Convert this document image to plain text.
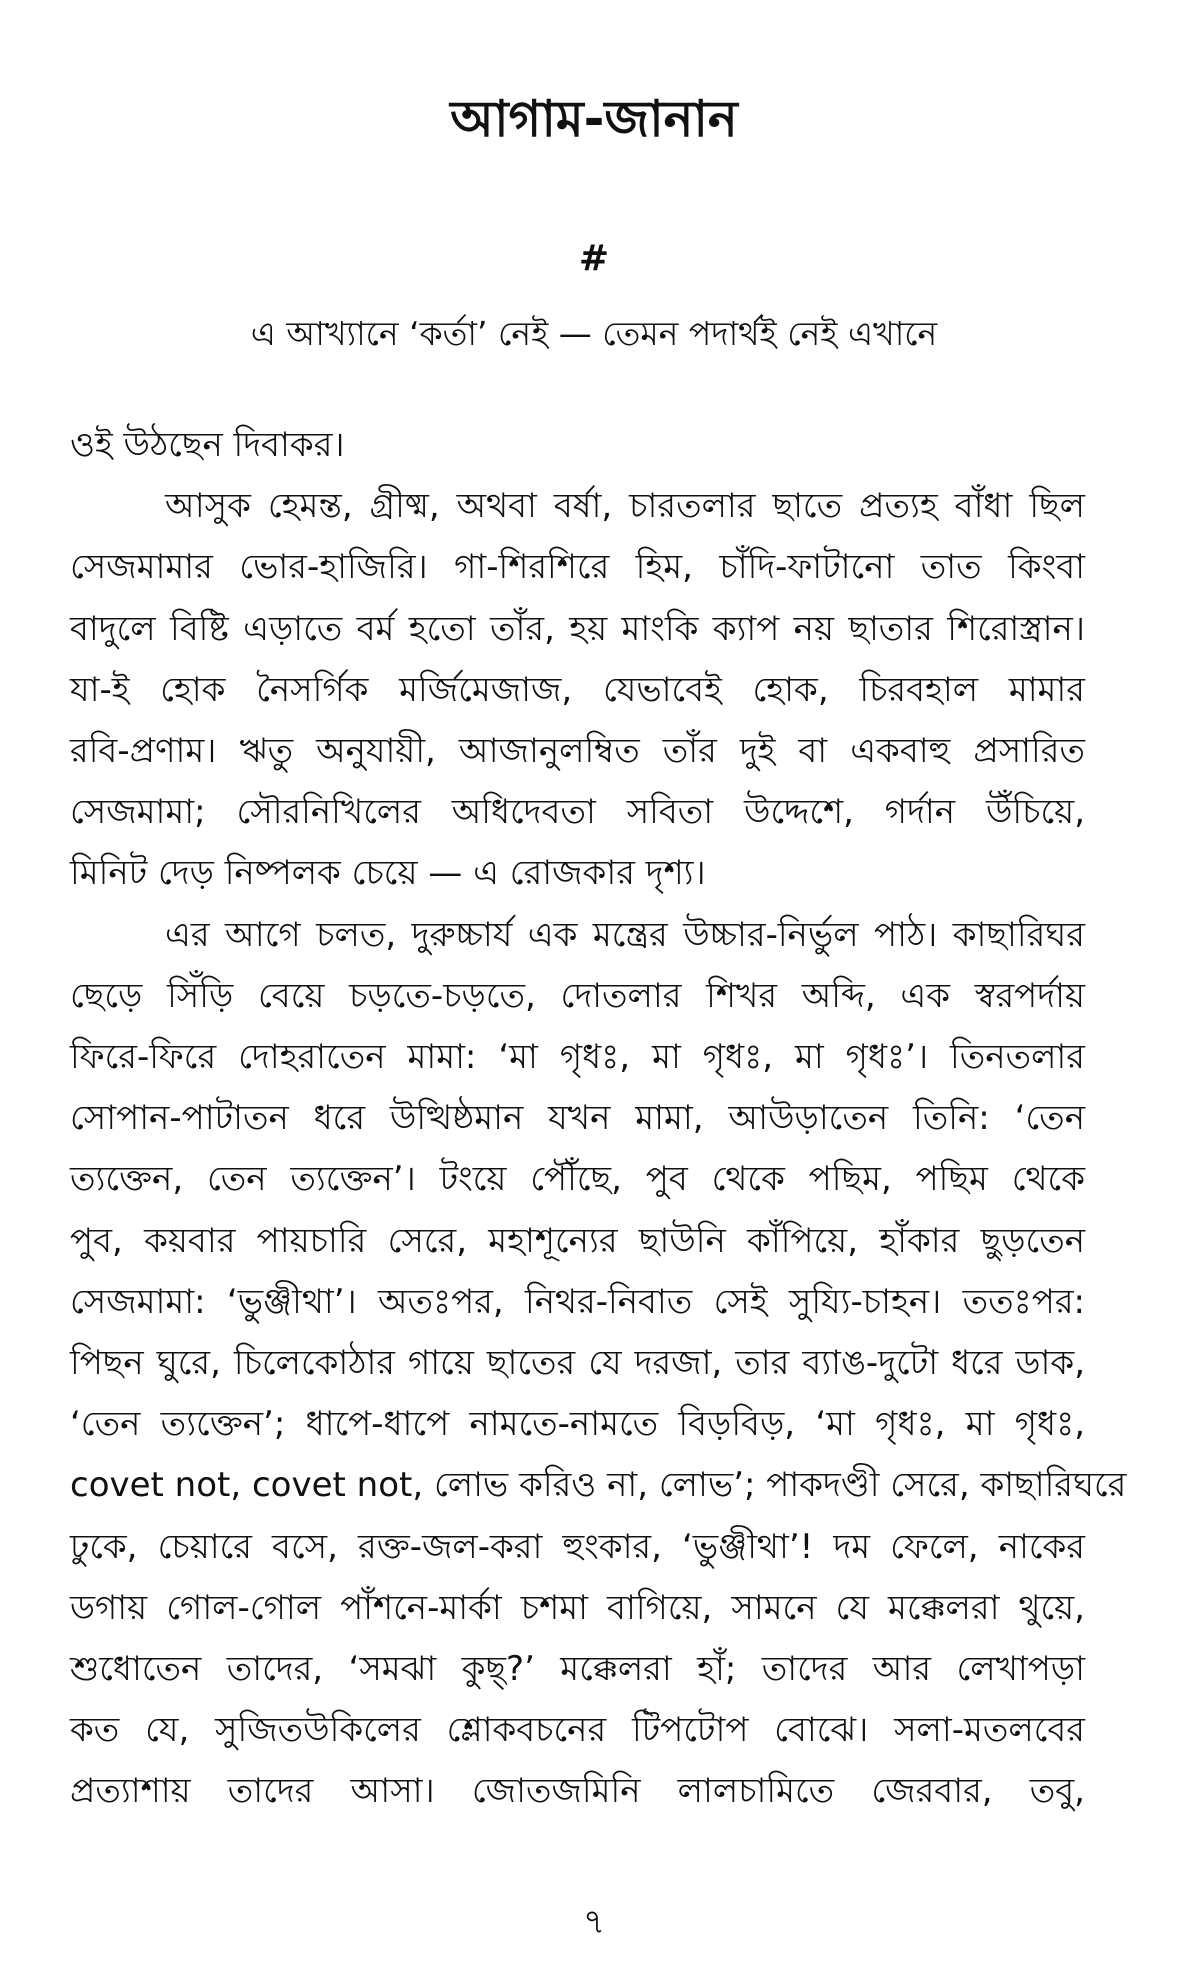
আগাম-জানান
#
এ আখ্যানে ‘কর্তা’ নেই — তেমন পদার্থই নেই এখানে
ওই উঠছেন দিবাকর।
আসুক হেমন্ত, গ্রীষ্ম, অথবা বর্ষা, চারতলার ছাতে প্রত্যহ বাঁধা ছিল
সেজমামার ভোর-হাজিরি। গা-শিরশিরে হিম, চাঁদি-ফাটানো তাত কিংবা
বাদুলে বিষ্টি এড়াতে বর্ম হতো তাঁর, হয় মাংকি ক্যাপ নয় ছাতার শিরোস্ত্রান।
যা-ই হোক নৈসর্গিক মর্জিমেজাজ, যেভাবেই হোক, চিরবহাল মামার
রবি-প্রণাম। ঋতু অনুযায়ী, আজানুলম্বিত তাঁর দুই বা একবাহু প্রসারিত
সেজমামা; সৌরনিখিলের অধিদেবতা সবিতা উদ্দেশে, গর্দান উঁচিয়ে,
মিনিট দেড় নিষ্পলক চেয়ে — এ রোজকার দৃশ্য।
এর আগে চলত, দুরুচ্চার্য এক মন্ত্রের উচ্চার-নির্ভুল পাঠ। কাছারিঘর
ছেড়ে সিঁড়ি বেয়ে চড়তে-চড়তে, দোতলার শিখর অব্দি, এক স্বরপর্দায়
ফিরে-ফিরে দোহরাতেন মামা: ‘মা গৃধঃ, মা গৃধঃ, মা গৃধঃ’। তিনতলার
সোপান-পাটাতন ধরে উত্থিষ্ঠমান যখন মামা, আউড়াতেন তিনি: ‘তেন
ত্যক্তেন, তেন ত্যক্তেন’। টংয়ে পৌঁছে, পুব থেকে পছিম, পছিম থেকে
পুব, কয়বার পায়চারি সেরে, মহাশূন্যের ছাউনি কাঁপিয়ে, হাঁকার ছুড়তেন
সেজমামা: ‘ভুঞ্জীথা’। অতঃপর, নিথর-নিবাত সেই সুয্যি-চাহন। ততঃপর:
পিছন ঘুরে, চিলেকোঠার গায়ে ছাতের যে দরজা, তার ব্যাঙ-দুটো ধরে ডাক,
‘তেন ত্যক্তেন’; ধাপে-ধাপে নামতে-নামতে বিড়বিড়, ‘মা গৃধঃ, মা গৃধঃ,
covet not, covet not, লোভ করিও না, লোভ’; পাকদণ্ডী সেরে, কাছারিঘরে
ঢুকে, চেয়ারে বসে, রক্ত-জল-করা হুংকার, ‘ভুঞ্জীথা’! দম ফেলে, নাকের
ডগায় গোল-গোল পাঁশনে-মার্কা চশমা বাগিয়ে, সামনে যে মক্কেলরা থুয়ে,
শুধোতেন তাদের, ‘সমঝা কুছ্?’ মক্কেলরা হাঁ; তাদের আর লেখাপড়া
কত যে, সুজিতউকিলের শ্লোকবচনের টিপটোপ বোঝে। সলা-মতলবের
প্রত্যাশায় তাদের আসা। জোতজমিনি লালচামিতে জেরবার, তবু,
৭
